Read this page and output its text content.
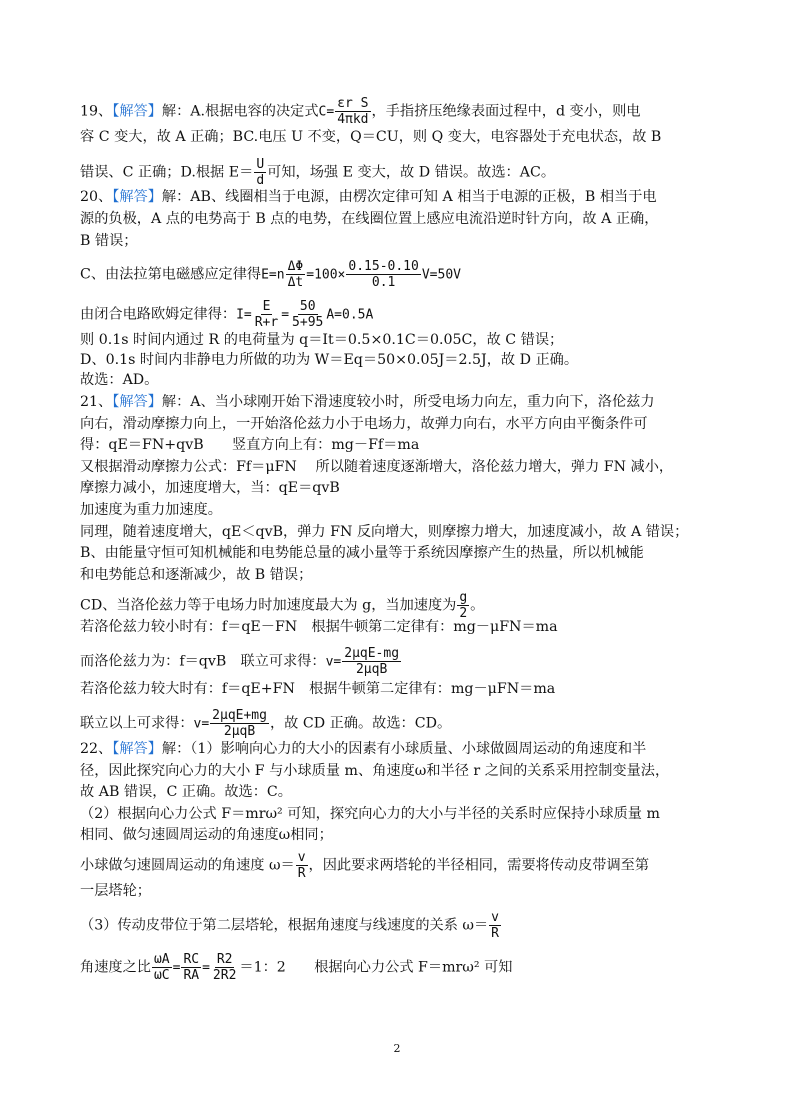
19、【解答】解：A.根据电容的决定式$C= \frac{\text{εr S}}{\text{4πkd}}$ ，手指挤压绝缘表面过程中，d 变小，则电
容 C 变大，故 A 正确；BC.电压 U 不变，Q＝CU，则 Q 变大，电容器处于充电状态，故 B
错误、C 正确；D.根据 $E= \frac{U}{d}$ 可知，场强 E 变大，故 D 错误。故选：AC。
20、【解答】解：AB、线圈相当于电源，由楞次定律可知 A 相当于电源的正极，B 相当于电
源的负极，A 点的电势高于 B 点的电势，在线圈位置上感应电流沿逆时针方向，故 A 正确，
B 错误；
C、由法拉第电磁感应定律得$E=n \frac{\Delta\Phi}{\Delta t} =100\times \frac{0.15-0.10}{0.1} V=50V$
由闭合电路欧姆定律得：$I= \frac{E}{R+r} = \frac{50}{5+95} A=0.5A$
则 0.1s 时间内通过 R 的电荷量为 q＝It＝0.5×0.1C＝0.05C，故 C 错误；
D、0.1s 时间内非静电力所做的功为 W＝Eq＝50×0.05J＝2.5J，故 D 正确。
故选：AD。
21、【解答】解：A、当小球刚开始下滑速度较小时，所受电场力向左，重力向下，洛伦兹力
向右，滑动摩擦力向上，一开始洛伦兹力小于电场力，故弹力向右，水平方向由平衡条件可
得：qE＝FN+qvB　　竖直方向上有：mg－Ff＝ma
又根据滑动摩擦力公式：Ff＝μFN　 所以随着速度逐渐增大，洛伦兹力增大，弹力 FN 减小，
摩擦力减小，加速度增大，当：qE＝qvB
加速度为重力加速度。
同理，随着速度增大，qE＜qvB，弹力 FN 反向增大，则摩擦力增大，加速度减小，故 A 错误；
B、由能量守恒可知机械能和电势能总量的减小量等于系统因摩擦产生的热量，所以机械能
和电势能总和逐渐减少，故 B 错误；
CD、当洛伦兹力等于电场力时加速度最大为 g，当加速度为 $\frac{g}{2}$ 。
若洛伦兹力较小时有：f＝qE－FN　根据牛顿第二定律有：mg－μFN＝ma
而洛伦兹力为：f＝qvB　联立可求得：$v= \frac{\text{2μqE-mg}}{\text{2μqB}}$
若洛伦兹力较大时有：f＝qE+FN　根据牛顿第二定律有：mg－μFN＝ma
联立以上可求得：$v= \frac{\text{2μqE+mg}}{\text{2μqB}}$ ，故 CD 正确。故选：CD。
22、【解答】解：（1）影响向心力的大小的因素有小球质量、小球做圆周运动的角速度和半
径，因此探究向心力的大小 F 与小球质量 m、角速度ω和半径 r 之间的关系采用控制变量法，
故 AB 错误，C 正确。故选：C。
（2）根据向心力公式 F＝mrω² 可知，探究向心力的大小与半径的关系时应保持小球质量 m
相同、做匀速圆周运动的角速度ω相同；
小球做匀速圆周运动的角速度 $\omega= \frac{v}{R}$ ，因此要求两塔轮的半径相同，需要将传动皮带调至第
一层塔轮；
（3）传动皮带位于第二层塔轮，根据角速度与线速度的关系 $\omega= \frac{v}{R}$
角速度之比 $\frac{\omega A}{\omega C} = \frac{RC}{RA} = \frac{R2}{2R2} =1$：2　　根据向心力公式 F＝mrω² 可知
2
